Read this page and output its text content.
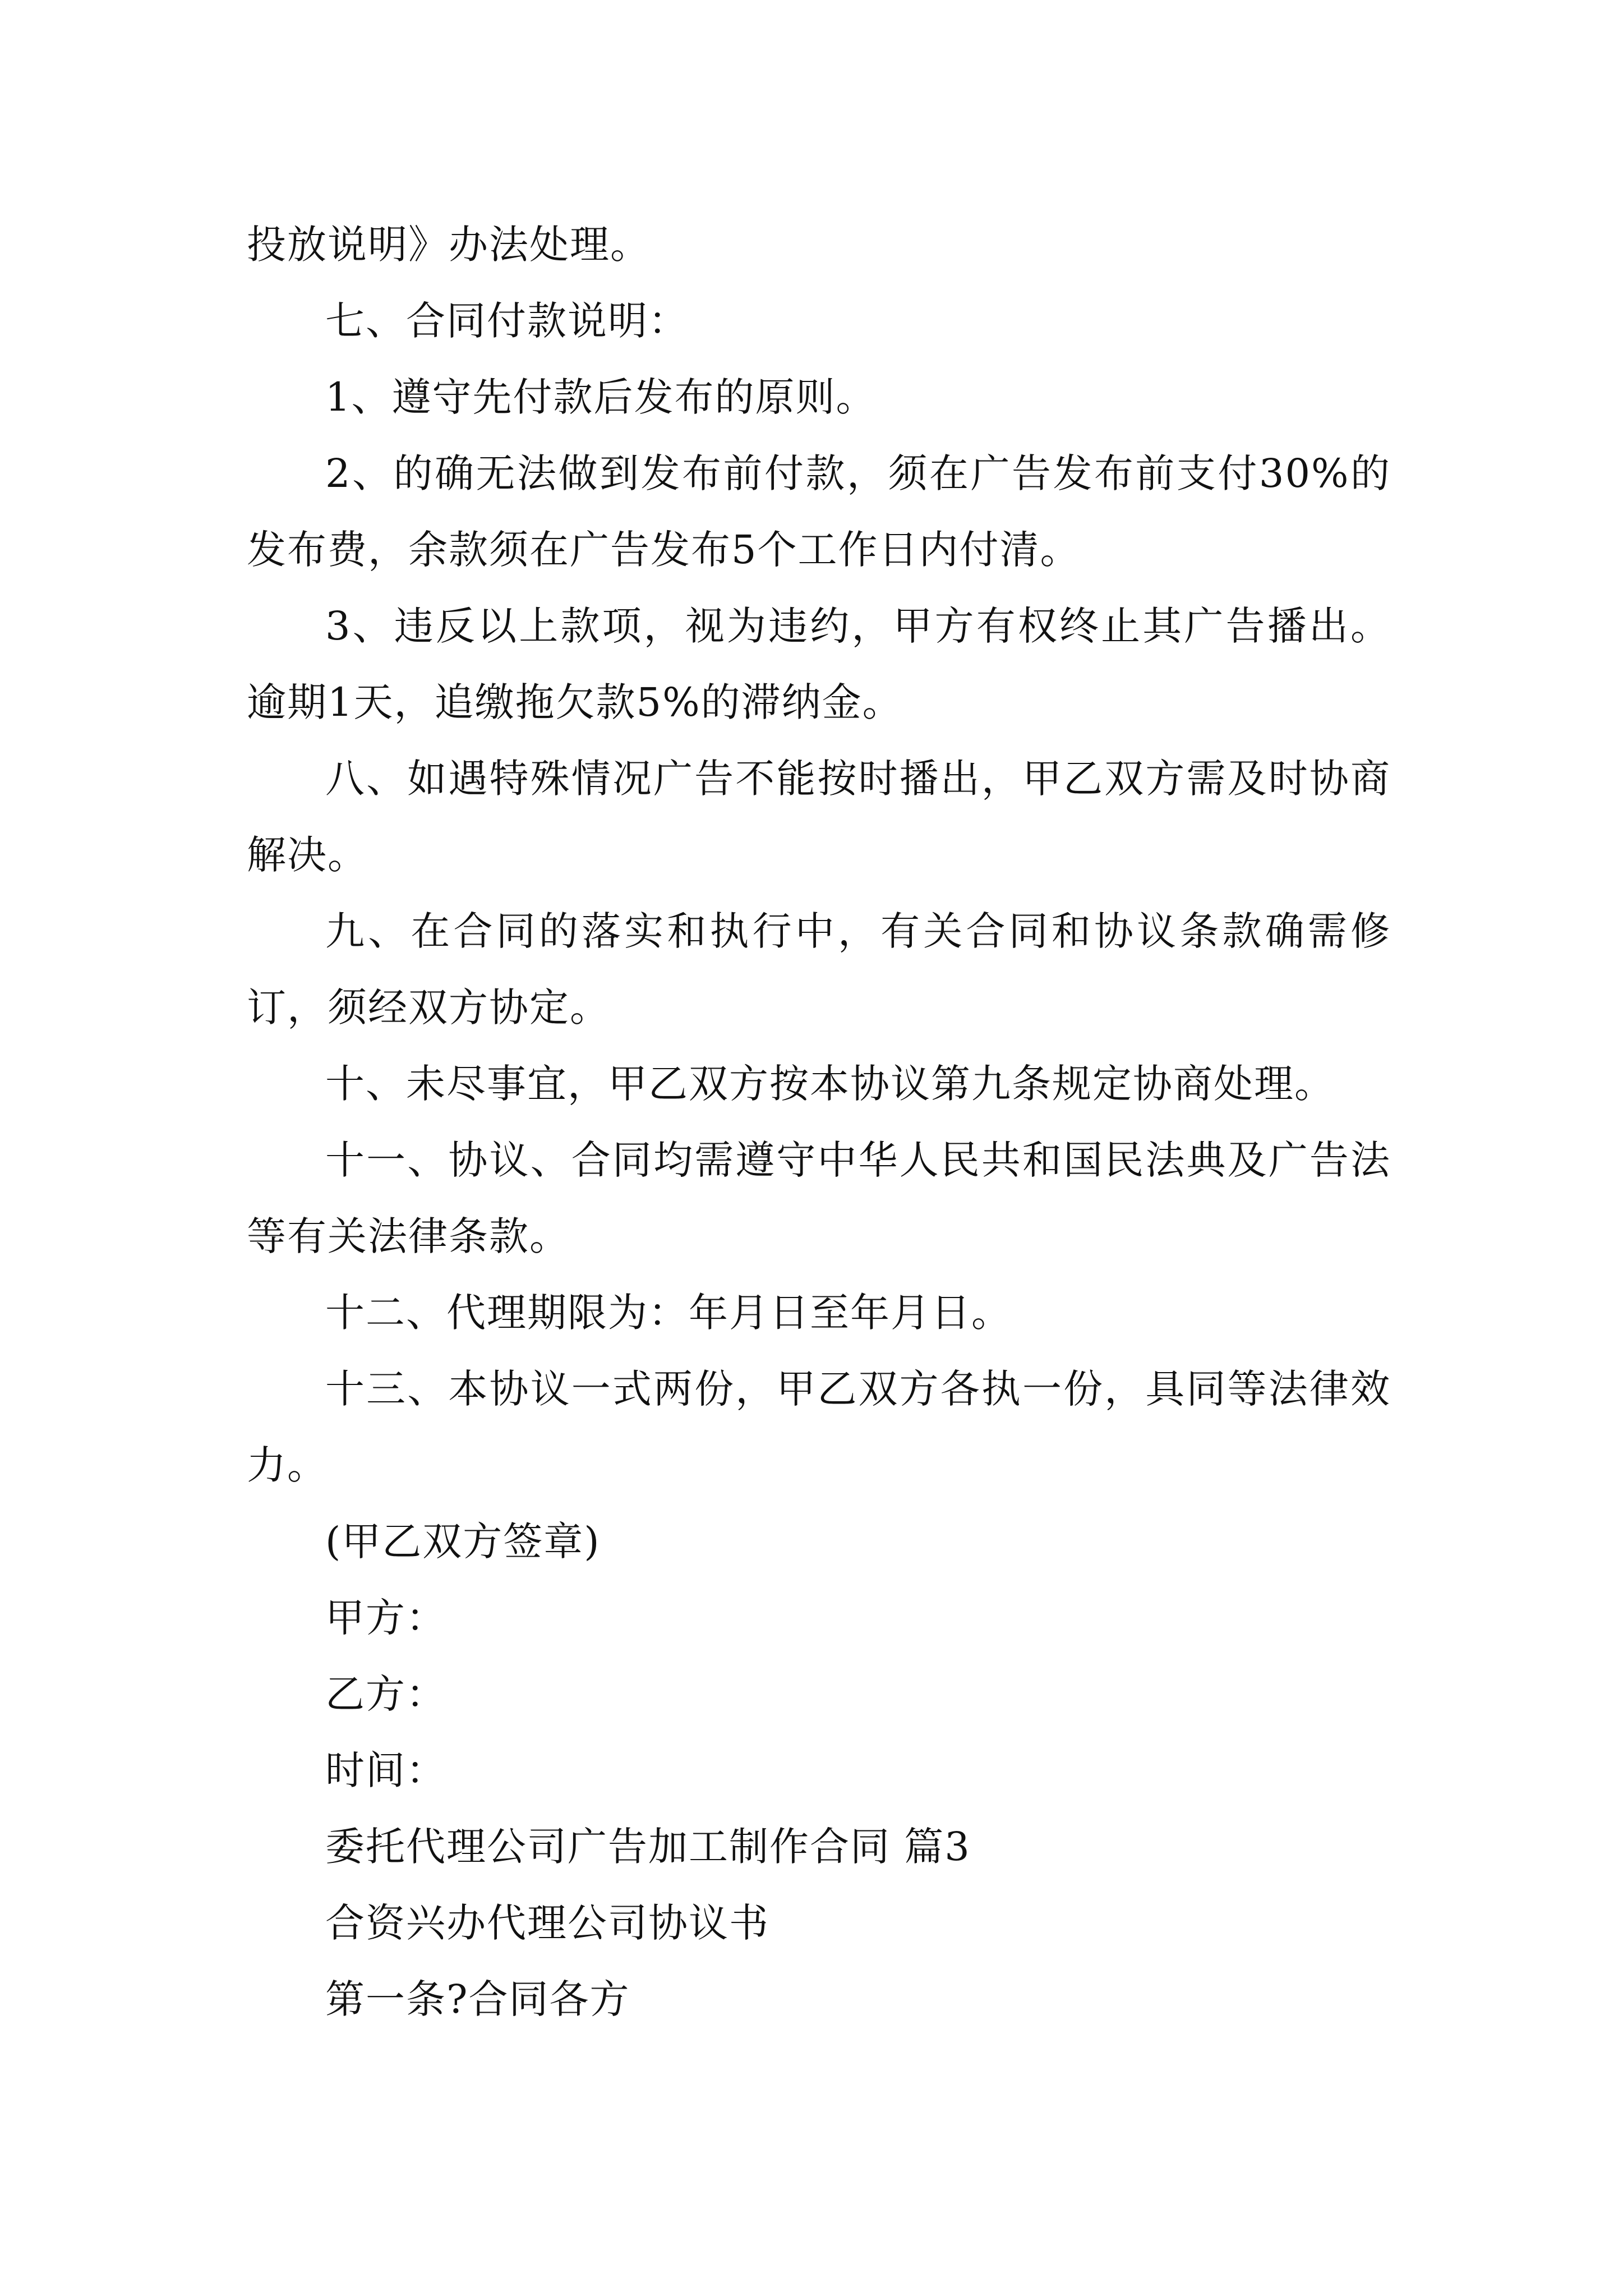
投放说明》办法处理。

七、合同付款说明：

1、遵守先付款后发布的原则。

2、的确无法做到发布前付款，须在广告发布前支付30%的发布费，余款须在广告发布5个工作日内付清。

3、违反以上款项，视为违约，甲方有权终止其广告播出。逾期1天，追缴拖欠款5%的滞纳金。

八、如遇特殊情况广告不能按时播出，甲乙双方需及时协商解决。

九、在合同的落实和执行中，有关合同和协议条款确需修订，须经双方协定。

十、未尽事宜，甲乙双方按本协议第九条规定协商处理。

十一、协议、合同均需遵守中华人民共和国民法典及广告法等有关法律条款。

十二、代理期限为：年月日至年月日。

十三、本协议一式两份，甲乙双方各执一份，具同等法律效力。

(甲乙双方签章)

甲方：

乙方：

时间：

委托代理公司广告加工制作合同 篇3

合资兴办代理公司协议书

第一条?合同各方
